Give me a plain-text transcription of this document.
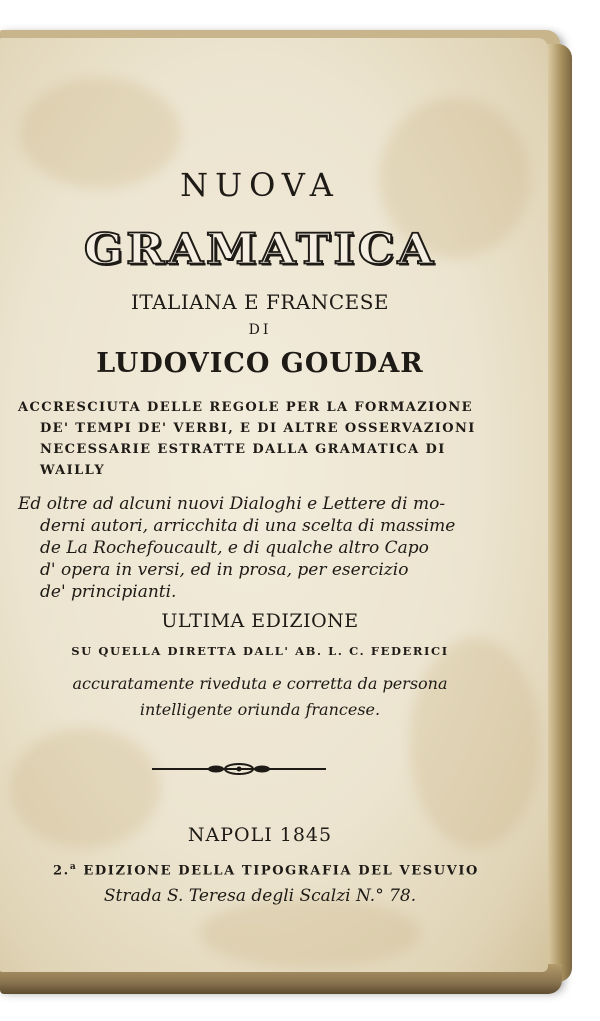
NUOVA
GRAMATICA
ITALIANA E FRANCESE
DI
LUDOVICO GOUDAR
ACCRESCIUTA DELLE REGOLE PER LA FORMAZIONE
DE' TEMPI DE' VERBI, E DI ALTRE OSSERVAZIONI
NECESSARIE ESTRATTE DALLA GRAMATICA DI
WAILLY
Ed oltre ad alcuni nuovi Dialoghi e Lettere di mo-
derni autori, arricchita di una scelta di massime
de La Rochefoucault, e di qualche altro Capo
d' opera in versi, ed in prosa, per esercizio
de' principianti.
ULTIMA EDIZIONE
SU QUELLA DIRETTA DALL' AB. L. C. FEDERICI
accuratamente riveduta e corretta da persona
intelligente oriunda francese.
NAPOLI 1845
2.$^a$ EDIZIONE DELLA TIPOGRAFIA DEL VESUVIO
Strada S. Teresa degli Scalzi N.° 78.
